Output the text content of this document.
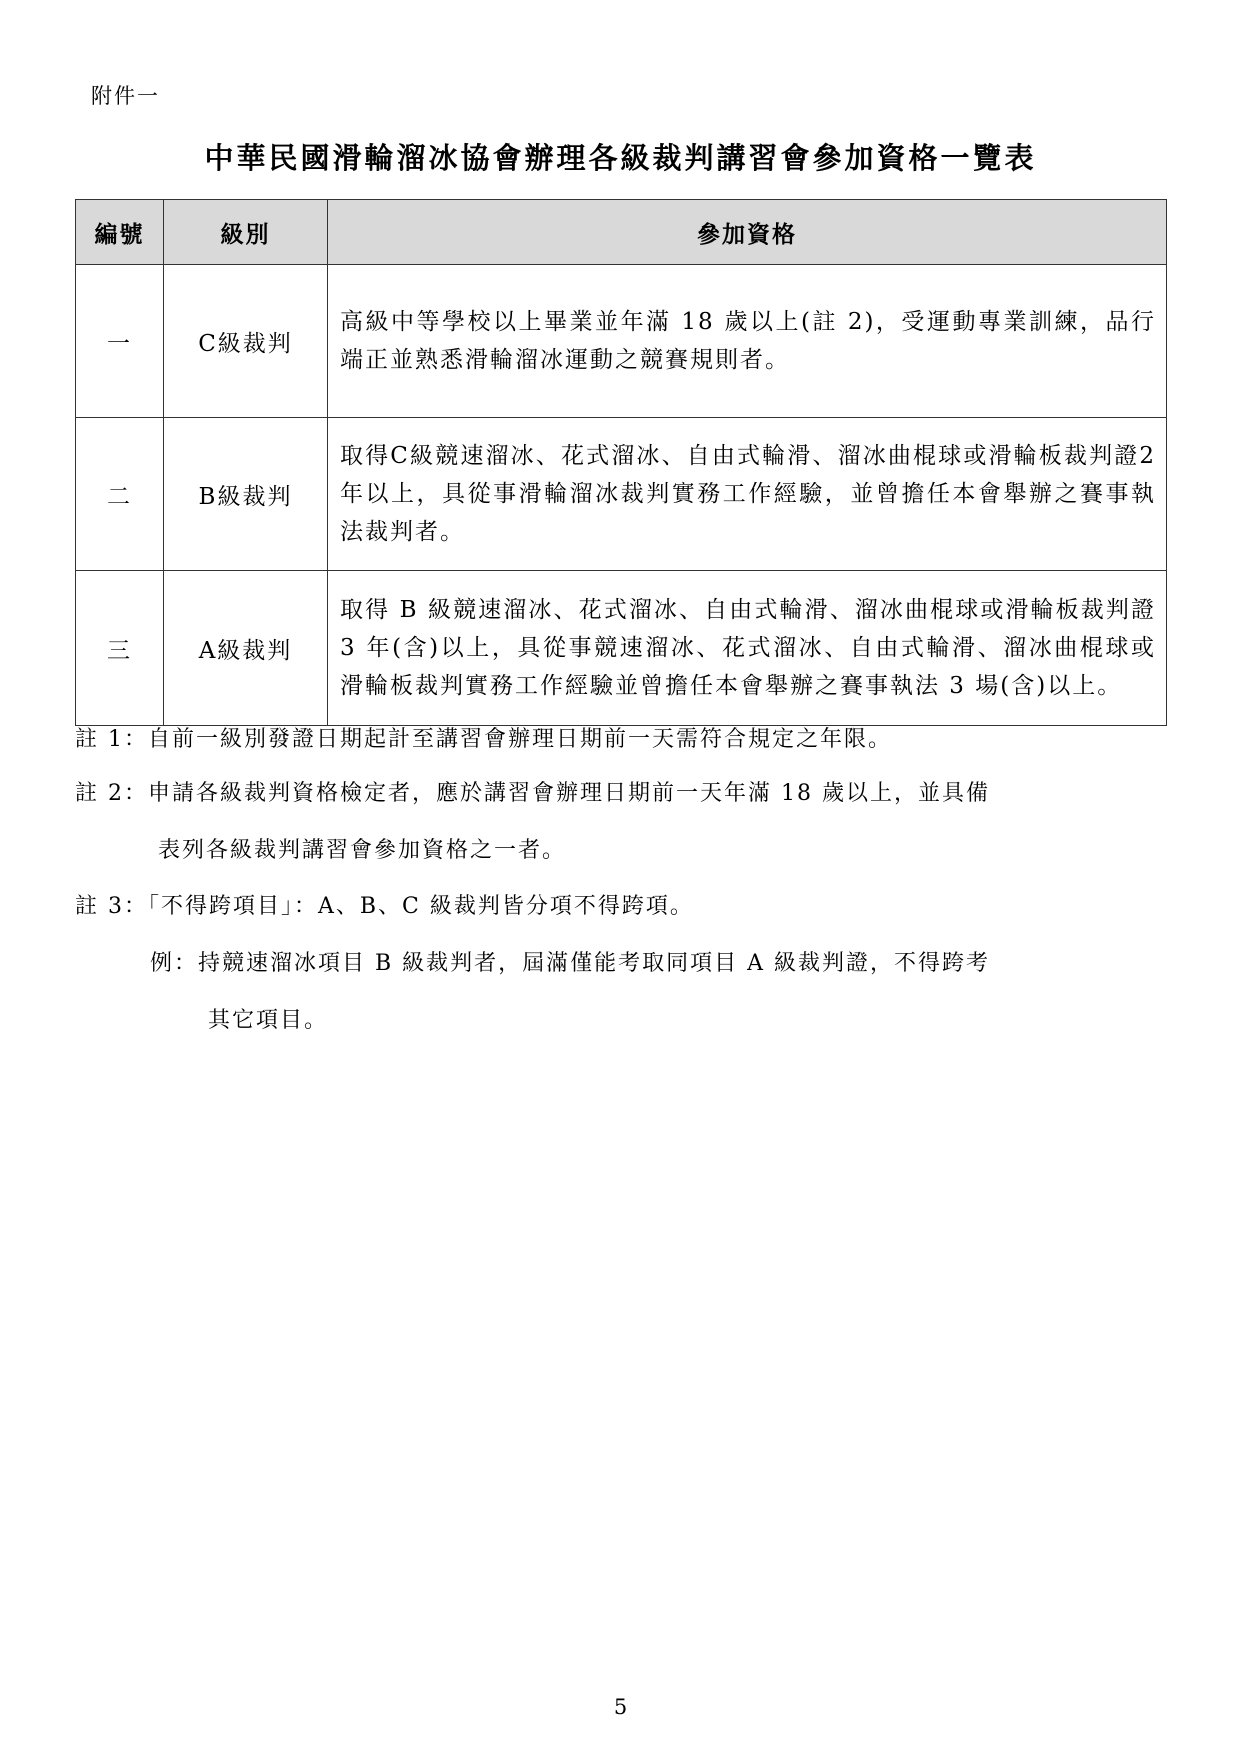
附件一
中華民國滑輪溜冰協會辦理各級裁判講習會參加資格一覽表
編號	級別	參加資格
一	C級裁判	高級中等學校以上畢業並年滿 18 歲以上(註 2)，受運動專業訓練，品行端正並熟悉滑輪溜冰運動之競賽規則者。
二	B級裁判	取得C級競速溜冰、花式溜冰、自由式輪滑、溜冰曲棍球或滑輪板裁判證2年以上，具從事滑輪溜冰裁判實務工作經驗，並曾擔任本會舉辦之賽事執法裁判者。
三	A級裁判	取得 B 級競速溜冰、花式溜冰、自由式輪滑、溜冰曲棍球或滑輪板裁判證 3 年(含)以上，具從事競速溜冰、花式溜冰、自由式輪滑、溜冰曲棍球或滑輪板裁判實務工作經驗並曾擔任本會舉辦之賽事執法 3 場(含)以上。
註 1：自前一級別發證日期起計至講習會辦理日期前一天需符合規定之年限。
註 2：申請各級裁判資格檢定者，應於講習會辦理日期前一天年滿 18 歲以上，並具備
表列各級裁判講習會參加資格之一者。
註 3：「不得跨項目」：A、B、C 級裁判皆分項不得跨項。
例：持競速溜冰項目 B 級裁判者，屆滿僅能考取同項目 A 級裁判證，不得跨考
其它項目。
5
